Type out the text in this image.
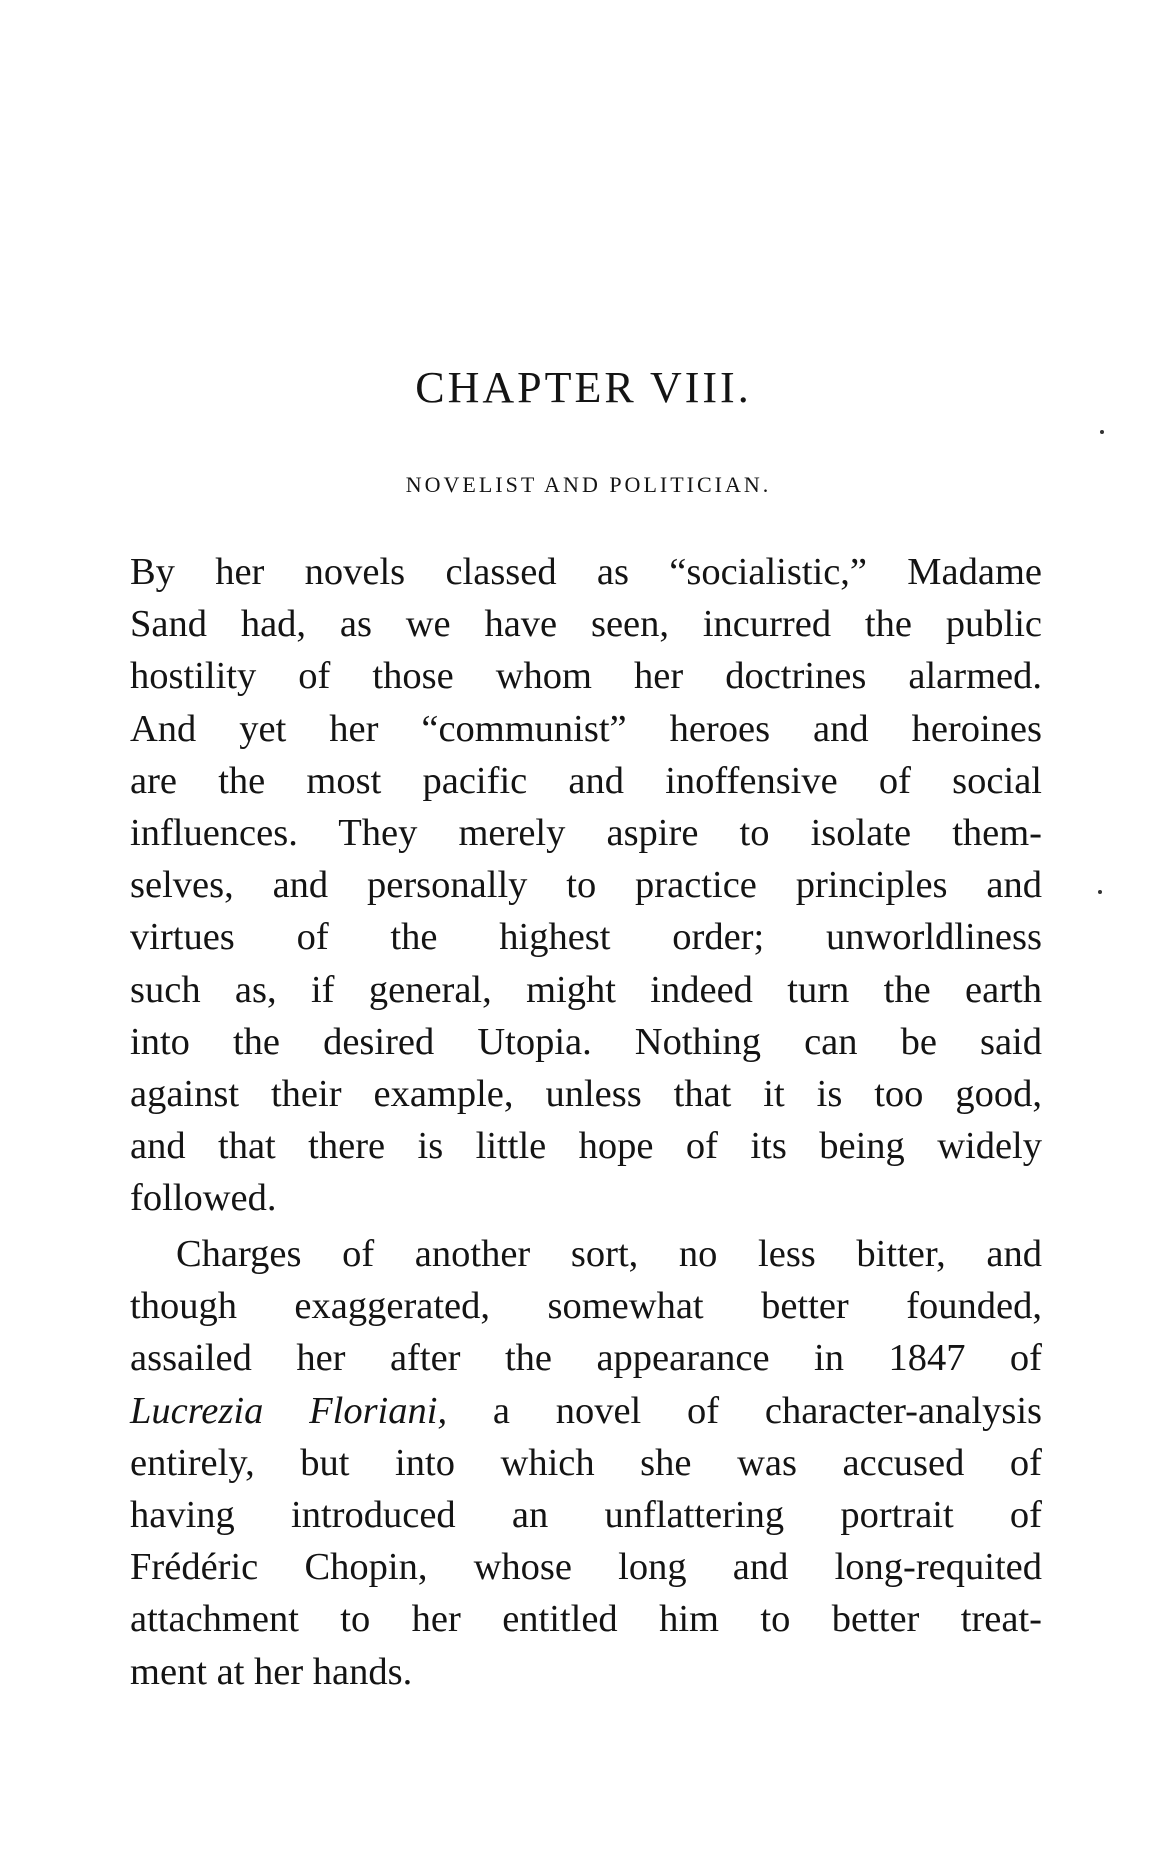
CHAPTER VIII.
NOVELIST AND POLITICIAN.
By her novels classed as “socialistic,” Madame
Sand had, as we have seen, incurred the public
hostility of those whom her doctrines alarmed.
And yet her “communist” heroes and heroines
are the most pacific and inoffensive of social
influences. They merely aspire to isolate them-
selves, and personally to practice principles and
virtues of the highest order; unworldliness
such as, if general, might indeed turn the earth
into the desired Utopia. Nothing can be said
against their example, unless that it is too good,
and that there is little hope of its being widely
followed.
Charges of another sort, no less bitter, and
though exaggerated, somewhat better founded,
assailed her after the appearance in 1847 of
Lucrezia Floriani, a novel of character-analysis
entirely, but into which she was accused of
having introduced an unflattering portrait of
Frédéric Chopin, whose long and long-requited
attachment to her entitled him to better treat-
ment at her hands.
